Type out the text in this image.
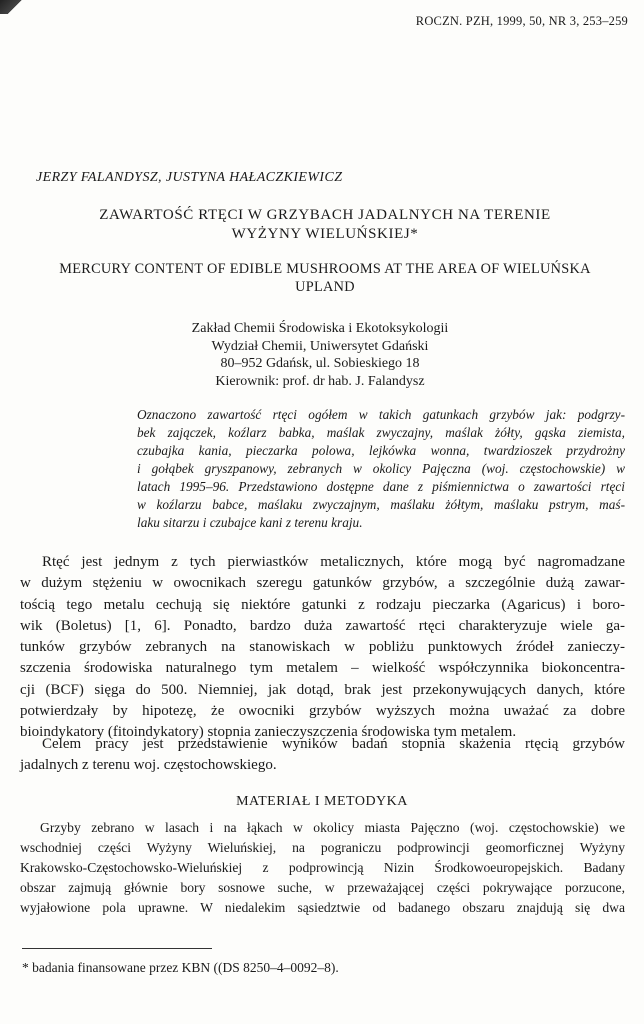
ROCZN. PZH, 1999, 50, NR 3, 253–259
JERZY FALANDYSZ, JUSTYNA HAŁACZKIEWICZ
ZAWARTOŚĆ RTĘCI W GRZYBACH JADALNYCH NA TERENIE
WYŻYNY WIELUŃSKIEJ*
MERCURY CONTENT OF EDIBLE MUSHROOMS AT THE AREA OF WIELUŃSKA
UPLAND
Zakład Chemii Środowiska i Ekotoksykologii
Wydział Chemii, Uniwersytet Gdański
80–952 Gdańsk, ul. Sobieskiego 18
Kierownik: prof. dr hab. J. Falandysz
Oznaczono zawartość rtęci ogółem w takich gatunkach grzybów jak: podgrzy-
bek zajączek, koźlarz babka, maślak zwyczajny, maślak żółty, gąska ziemista,
czubajka kania, pieczarka polowa, lejkówka wonna, twardzioszek przydrożny
i gołąbek gryszpanowy, zebranych w okolicy Pajęczna (woj. częstochowskie) w
latach 1995–96. Przedstawiono dostępne dane z piśmiennictwa o zawartości rtęci
w koźlarzu babce, maślaku zwyczajnym, maślaku żółtym, maślaku pstrym, maś-
laku sitarzu i czubajce kani z terenu kraju.
Rtęć jest jednym z tych pierwiastków metalicznych, które mogą być nagromadzane
w dużym stężeniu w owocnikach szeregu gatunków grzybów, a szczególnie dużą zawar-
tością tego metalu cechują się niektóre gatunki z rodzaju pieczarka (Agaricus) i boro-
wik (Boletus) [1, 6]. Ponadto, bardzo duża zawartość rtęci charakteryzuje wiele ga-
tunków grzybów zebranych na stanowiskach w pobliżu punktowych źródeł zanieczy-
szczenia środowiska naturalnego tym metalem – wielkość współczynnika biokoncentra-
cji (BCF) sięga do 500. Niemniej, jak dotąd, brak jest przekonywujących danych, które
potwierdzały by hipotezę, że owocniki grzybów wyższych można uważać za dobre
bioindykatory (fitoindykatory) stopnia zanieczyszczenia środowiska tym metalem.
Celem pracy jest przedstawienie wyników badań stopnia skażenia rtęcią grzybów
jadalnych z terenu woj. częstochowskiego.
MATERIAŁ I METODYKA
Grzyby zebrano w lasach i na łąkach w okolicy miasta Pajęczno (woj. częstochowskie) we
wschodniej części Wyżyny Wieluńskiej, na pograniczu podprowincji geomorficznej Wyżyny
Krakowsko-Częstochowsko-Wieluńskiej z podprowincją Nizin Środkowoeuropejskich. Badany
obszar zajmują głównie bory sosnowe suche, w przeważającej części pokrywające porzucone,
wyjałowione pola uprawne. W niedalekim sąsiedztwie od badanego obszaru znajdują się dwa
* badania finansowane przez KBN ((DS 8250–4–0092–8).
